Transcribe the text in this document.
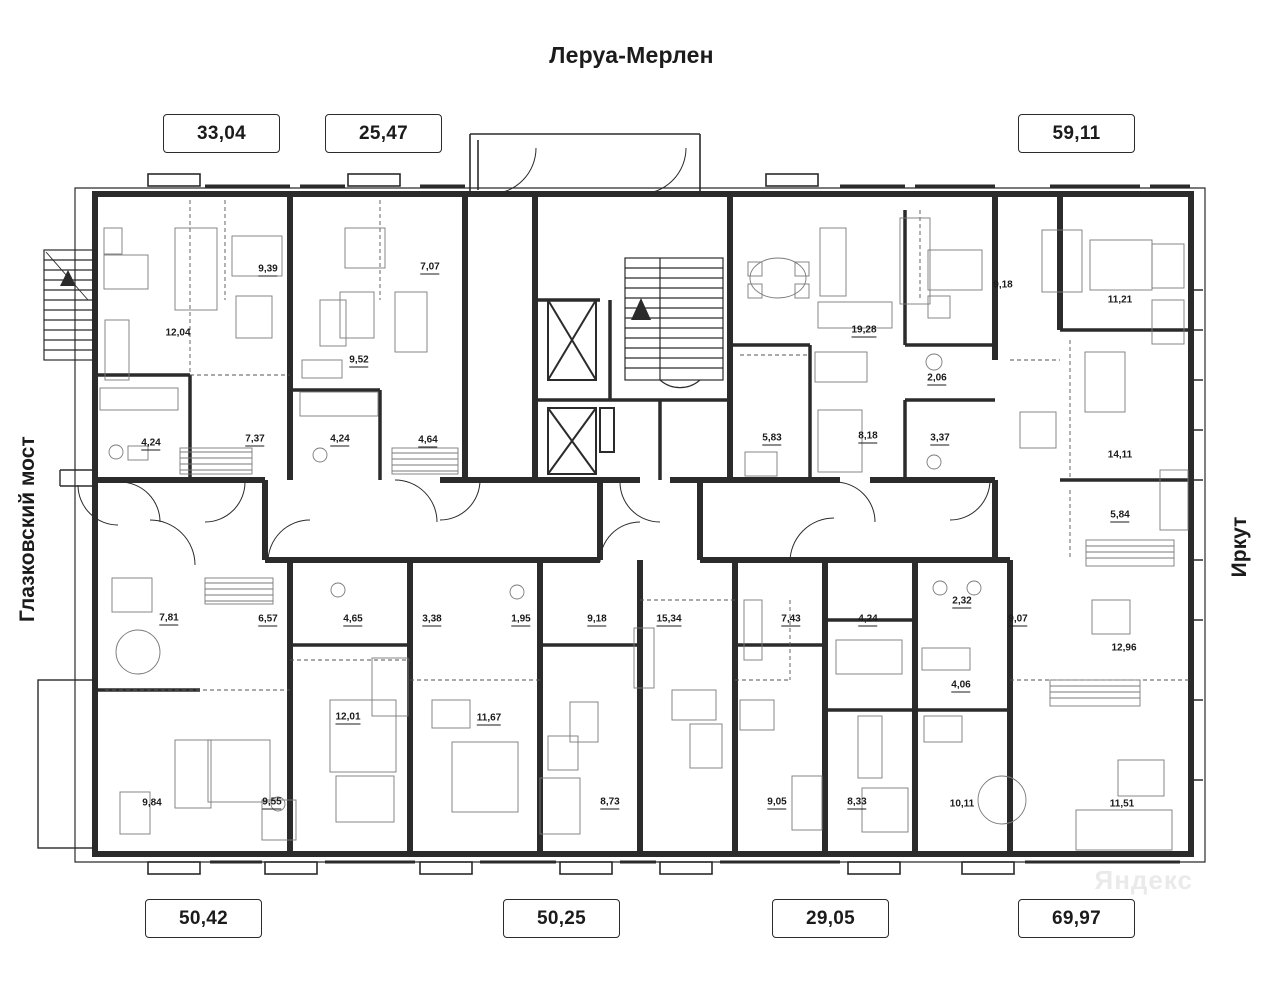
Леруа-Мерлен
Глазковский мост	Иркут
33,04	25,47	59,11
50,42	50,25	29,05	69,97
9,39	7,07
12,04
9,52
4,24	7,37	4,24	4,64
19,28
9,18
11,21
2,06
5,83	8,18	3,37
14,11
5,84
7,81	6,57	4,65	3,38	1,95	9,18	15,34	7,43	4,24
2,32
9,07
12,96
4,06
12,01	11,67
9,84	9,55	8,73	9,05	8,33	10,11	11,51
Яндекс
